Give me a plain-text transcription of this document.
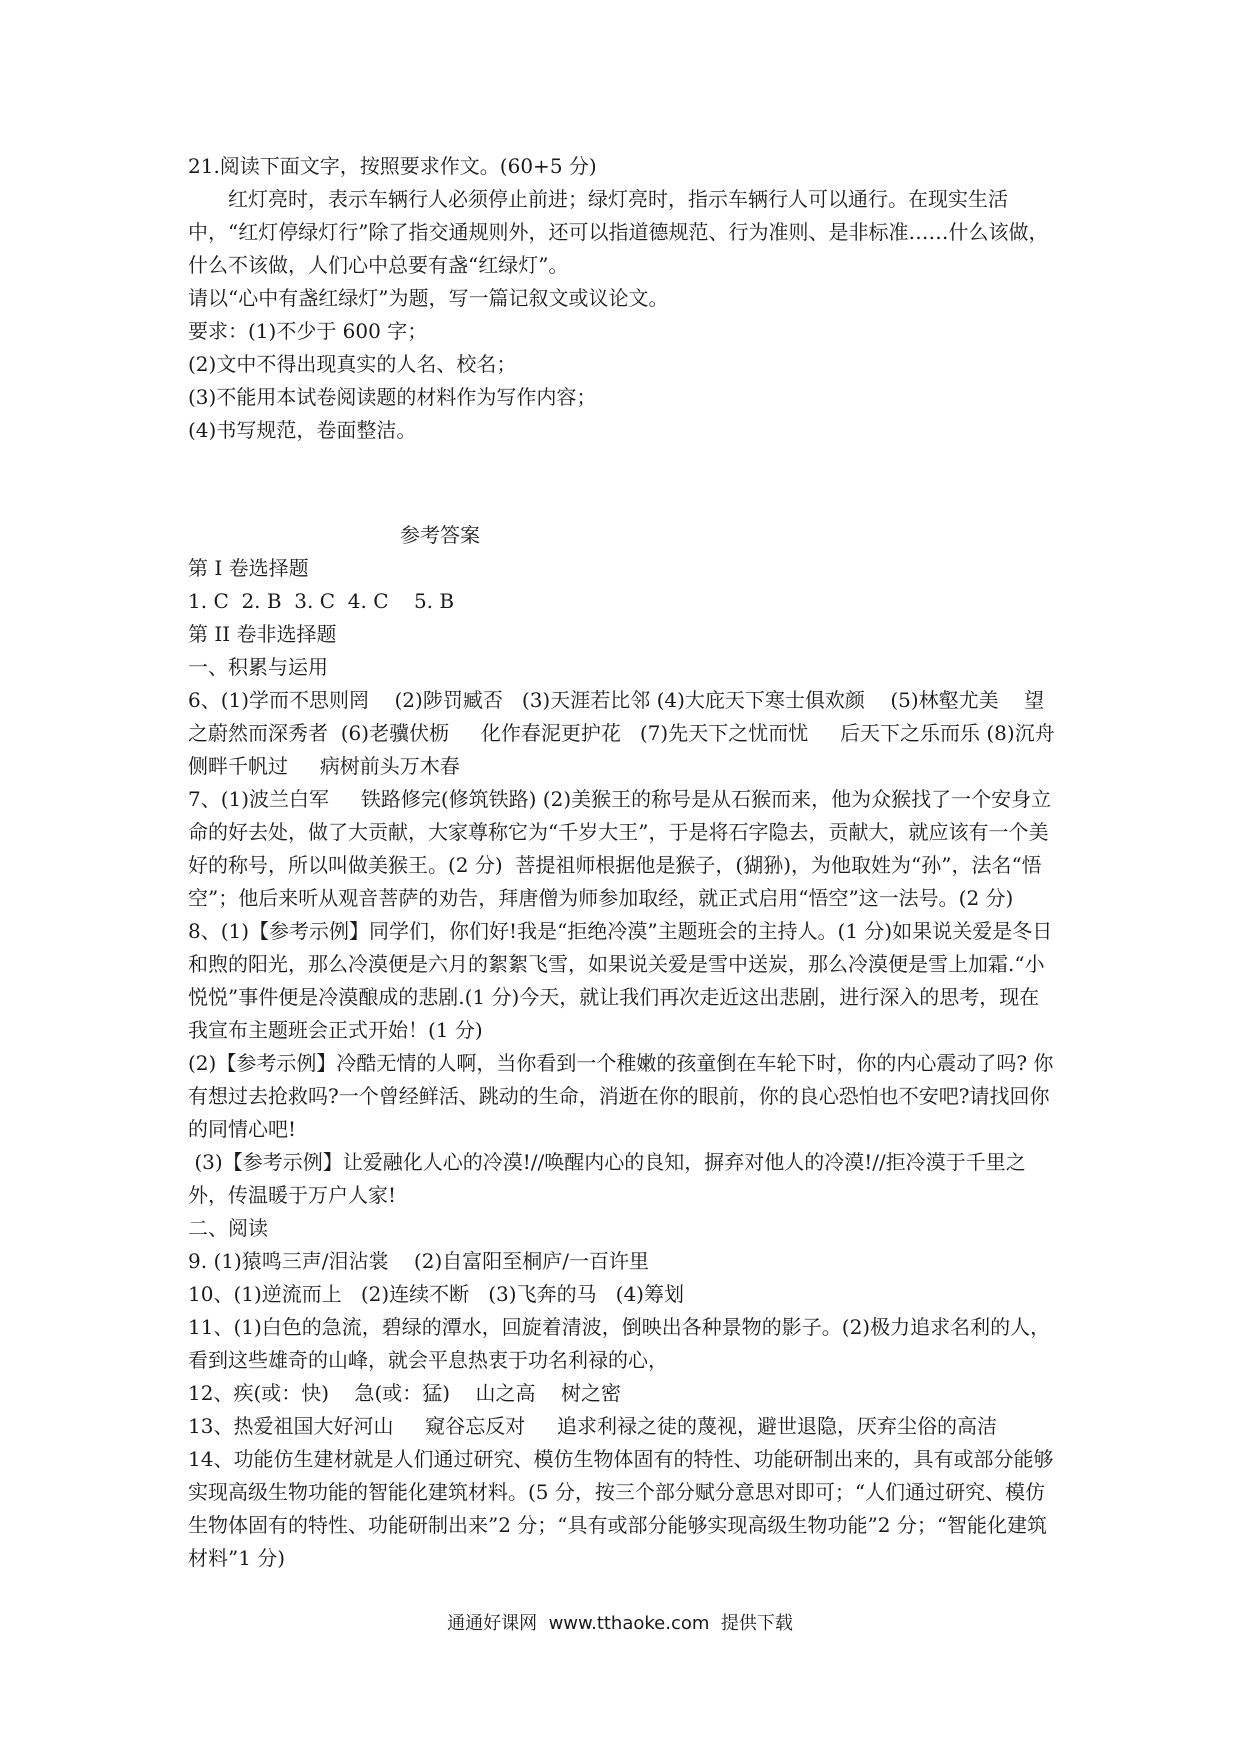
21.阅读下面文字，按照要求作文。(60+5 分)
红灯亮时，表示车辆行人必须停止前进；绿灯亮时，指示车辆行人可以通行。在现实生活中，“红灯停绿灯行”除了指交通规则外，还可以指道德规范、行为准则、是非标准……什么该做，什么不该做，人们心中总要有盏“红绿灯”。
请以“心中有盏红绿灯”为题，写一篇记叙文或议论文。
要求：(1)不少于 600 字；
(2)文中不得出现真实的人名、校名；
(3)不能用本试卷阅读题的材料作为写作内容；
(4)书写规范，卷面整洁。
参考答案
第 I 卷选择题
1. C  2. B  3. C  4. C    5. B
第 II 卷非选择题
一、积累与运用
6、(1)学而不思则罔    (2)陟罚臧否   (3)天涯若比邻 (4)大庇天下寒士俱欢颜    (5)林壑尤美    望之蔚然而深秀者  (6)老骥伏枥     化作春泥更护花   (7)先天下之忧而忧     后天下之乐而乐 (8)沉舟侧畔千帆过     病树前头万木春
7、(1)波兰白军     铁路修完(修筑铁路) (2)美猴王的称号是从石猴而来，他为众猴找了一个安身立命的好去处，做了大贡献，大家尊称它为“千岁大王”，于是将石字隐去，贡献大，就应该有一个美好的称号，所以叫做美猴王。(2 分)  菩提祖师根据他是猴子，(猢狲)，为他取姓为“孙”，法名“悟空”；他后来听从观音菩萨的劝告，拜唐僧为师参加取经，就正式启用“悟空”这一法号。(2 分)
8、(1)【参考示例】同学们，你们好!我是“拒绝冷漠”主题班会的主持人。(1 分)如果说关爱是冬日和煦的阳光，那么冷漠便是六月的絮絮飞雪，如果说关爱是雪中送炭，那么冷漠便是雪上加霜.“小悦悦”事件便是冷漠酿成的悲剧.(1 分)今天，就让我们再次走近这出悲剧，进行深入的思考，现在我宣布主题班会正式开始！(1 分)
(2)【参考示例】冷酷无情的人啊，当你看到一个稚嫩的孩童倒在车轮下时，你的内心震动了吗? 你有想过去抢救吗?一个曾经鲜活、跳动的生命，消逝在你的眼前，你的良心恐怕也不安吧?请找回你的同情心吧!
(3)【参考示例】让爱融化人心的冷漠!//唤醒内心的良知，摒弃对他人的冷漠!//拒冷漠于千里之外，传温暖于万户人家!
二、阅读
9. (1)猿鸣三声/泪沾裳    (2)自富阳至桐庐/一百许里
10、(1)逆流而上   (2)连续不断   (3)飞奔的马   (4)筹划
11、(1)白色的急流，碧绿的潭水，回旋着清波，倒映出各种景物的影子。(2)极力追求名利的人，看到这些雄奇的山峰，就会平息热衷于功名利禄的心，
12、疾(或：快)    急(或：猛)    山之高    树之密
13、热爱祖国大好河山     窥谷忘反对     追求利禄之徒的蔑视，避世退隐，厌弃尘俗的高洁
14、功能仿生建材就是人们通过研究、模仿生物体固有的特性、功能研制出来的，具有或部分能够实现高级生物功能的智能化建筑材料。(5 分，按三个部分赋分意思对即可；“人们通过研究、模仿生物体固有的特性、功能研制出来”2 分；“具有或部分能够实现高级生物功能”2 分；“智能化建筑材料”1 分)
通通好课网  www.tthaoke.com  提供下载
